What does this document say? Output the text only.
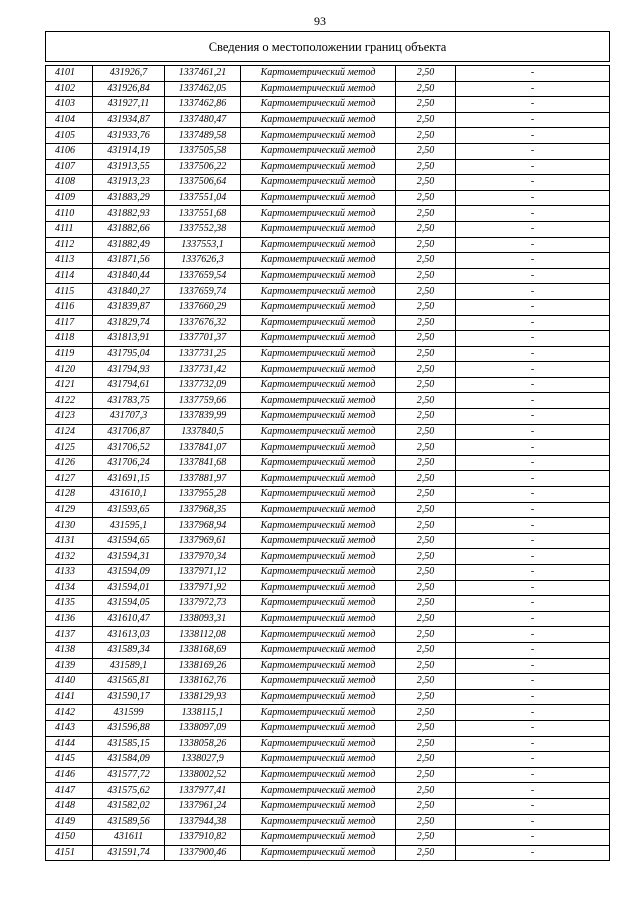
93
Сведения о местоположении границ объекта					

4101	431926,7	1337461,21	Картометрический метод	2,50	-
4102	431926,84	1337462,05	Картометрический метод	2,50	-
4103	431927,11	1337462,86	Картометрический метод	2,50	-
4104	431934,87	1337480,47	Картометрический метод	2,50	-
4105	431933,76	1337489,58	Картометрический метод	2,50	-
4106	431914,19	1337505,58	Картометрический метод	2,50	-
4107	431913,55	1337506,22	Картометрический метод	2,50	-
4108	431913,23	1337506,64	Картометрический метод	2,50	-
4109	431883,29	1337551,04	Картометрический метод	2,50	-
4110	431882,93	1337551,68	Картометрический метод	2,50	-
4111	431882,66	1337552,38	Картометрический метод	2,50	-
4112	431882,49	1337553,1	Картометрический метод	2,50	-
4113	431871,56	1337626,3	Картометрический метод	2,50	-
4114	431840,44	1337659,54	Картометрический метод	2,50	-
4115	431840,27	1337659,74	Картометрический метод	2,50	-
4116	431839,87	1337660,29	Картометрический метод	2,50	-
4117	431829,74	1337676,32	Картометрический метод	2,50	-
4118	431813,91	1337701,37	Картометрический метод	2,50	-
4119	431795,04	1337731,25	Картометрический метод	2,50	-
4120	431794,93	1337731,42	Картометрический метод	2,50	-
4121	431794,61	1337732,09	Картометрический метод	2,50	-
4122	431783,75	1337759,66	Картометрический метод	2,50	-
4123	431707,3	1337839,99	Картометрический метод	2,50	-
4124	431706,87	1337840,5	Картометрический метод	2,50	-
4125	431706,52	1337841,07	Картометрический метод	2,50	-
4126	431706,24	1337841,68	Картометрический метод	2,50	-
4127	431691,15	1337881,97	Картометрический метод	2,50	-
4128	431610,1	1337955,28	Картометрический метод	2,50	-
4129	431593,65	1337968,35	Картометрический метод	2,50	-
4130	431595,1	1337968,94	Картометрический метод	2,50	-
4131	431594,65	1337969,61	Картометрический метод	2,50	-
4132	431594,31	1337970,34	Картометрический метод	2,50	-
4133	431594,09	1337971,12	Картометрический метод	2,50	-
4134	431594,01	1337971,92	Картометрический метод	2,50	-
4135	431594,05	1337972,73	Картометрический метод	2,50	-
4136	431610,47	1338093,31	Картометрический метод	2,50	-
4137	431613,03	1338112,08	Картометрический метод	2,50	-
4138	431589,34	1338168,69	Картометрический метод	2,50	-
4139	431589,1	1338169,26	Картометрический метод	2,50	-
4140	431565,81	1338162,76	Картометрический метод	2,50	-
4141	431590,17	1338129,93	Картометрический метод	2,50	-
4142	431599	1338115,1	Картометрический метод	2,50	-
4143	431596,88	1338097,09	Картометрический метод	2,50	-
4144	431585,15	1338058,26	Картометрический метод	2,50	-
4145	431584,09	1338027,9	Картометрический метод	2,50	-
4146	431577,72	1338002,52	Картометрический метод	2,50	-
4147	431575,62	1337977,41	Картометрический метод	2,50	-
4148	431582,02	1337961,24	Картометрический метод	2,50	-
4149	431589,56	1337944,38	Картометрический метод	2,50	-
4150	431611	1337910,82	Картометрический метод	2,50	-
4151	431591,74	1337900,46	Картометрический метод	2,50	-
